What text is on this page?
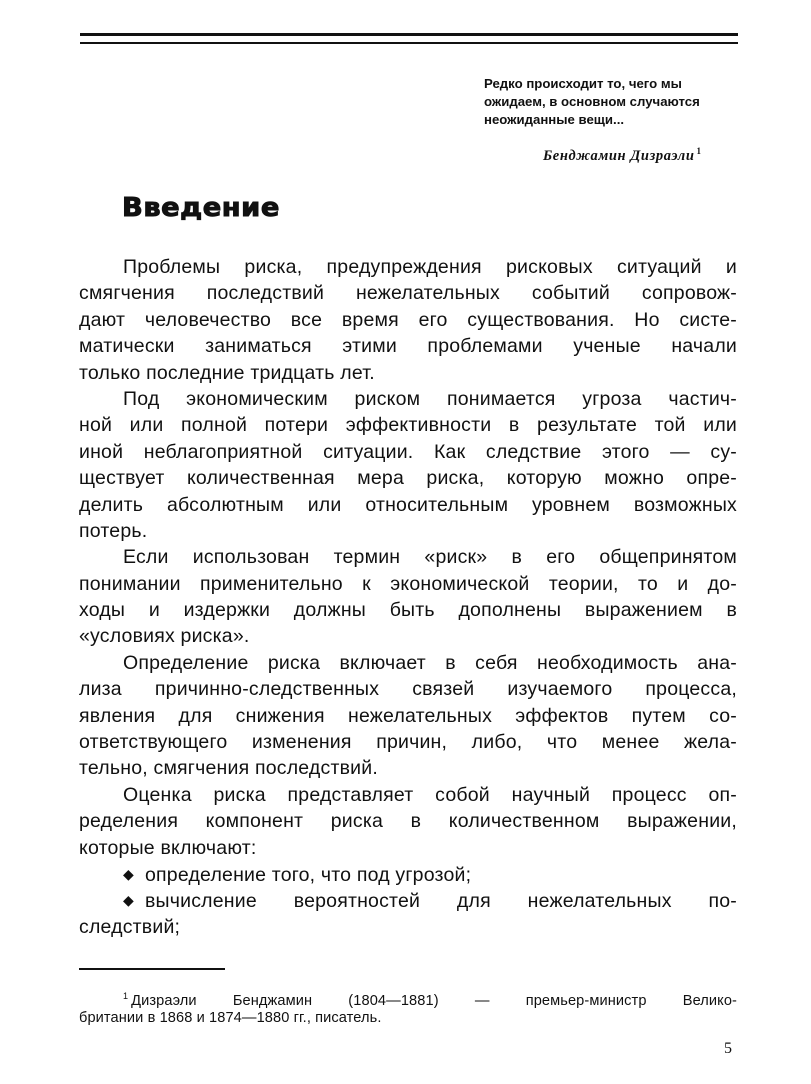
Редко происходит то, чего мы
ожидаем, в основном случаются
неожиданные вещи...
Бенджамин Дизраэли $^1$
Введение
Проблемы риска, предупреждения рисковых ситуаций и
смягчения последствий нежелательных событий сопровож-
дают человечество все время его существования. Но систе-
матически заниматься этими проблемами ученые начали
только последние тридцать лет.
Под экономическим риском понимается угроза частич-
ной или полной потери эффективности в результате той или
иной неблагоприятной ситуации. Как следствие этого — су-
ществует количественная мера риска, которую можно опре-
делить абсолютным или относительным уровнем возможных
потерь.
Если использован термин «риск» в его общепринятом
понимании применительно к экономической теории, то и до-
ходы и издержки должны быть дополнены выражением в
«условиях риска».
Определение риска включает в себя необходимость ана-
лиза причинно-следственных связей изучаемого процесса,
явления для снижения нежелательных эффектов путем со-
ответствующего изменения причин, либо, что менее жела-
тельно, смягчения последствий.
Оценка риска представляет собой научный процесс оп-
ределения компонент риска в количественном выражении,
которые включают:
◆ определение того, что под угрозой;
◆ вычисление вероятностей для нежелательных по-
следствий;
$^1$ Дизраэли Бенджамин (1804—1881) — премьер-министр Велико-
британии в 1868 и 1874—1880 гг., писатель.
5
